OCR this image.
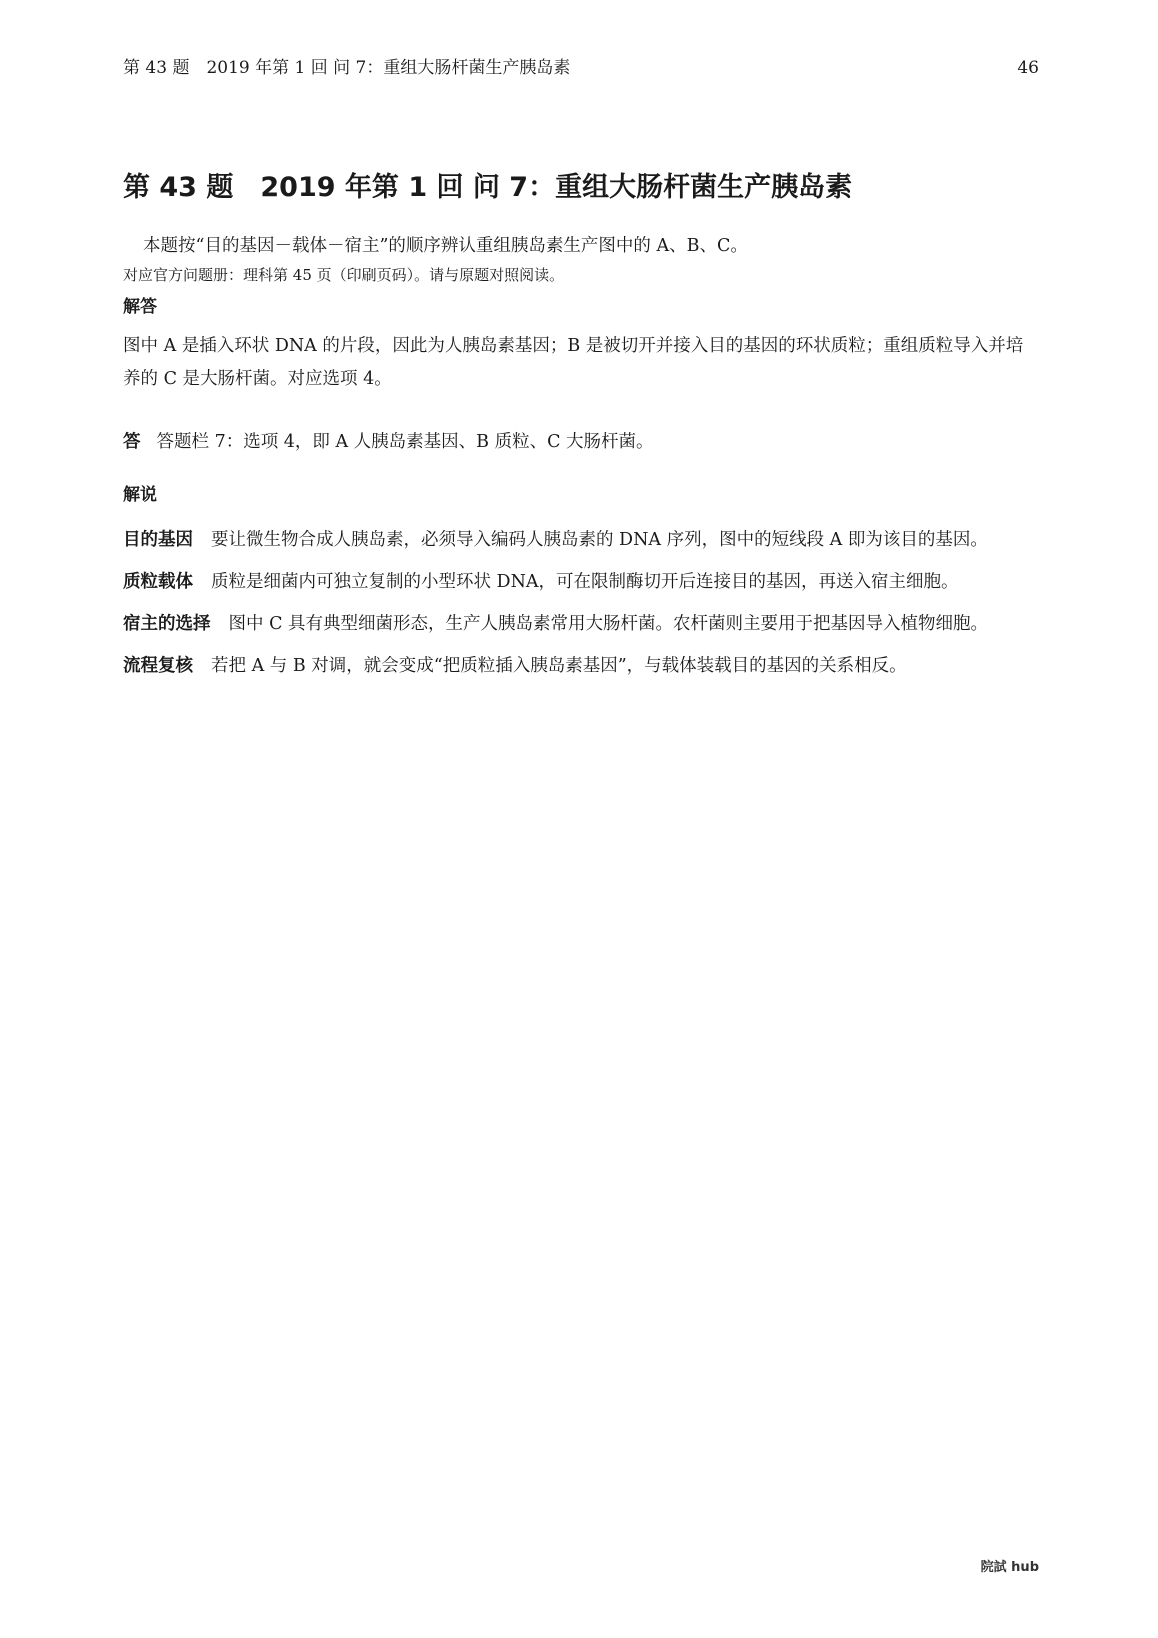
第 43 题　2019 年第 1 回 问 7：重组大肠杆菌生产胰岛素	46
第 43 题　2019 年第 1 回 问 7：重组大肠杆菌生产胰岛素
本题按“目的基因－载体－宿主”的顺序辨认重组胰岛素生产图中的 A、B、C。
对应官方问题册：理科第 45 页（印刷页码）。请与原题对照阅读。
解答
图中 A 是插入环状 DNA 的片段，因此为人胰岛素基因；B 是被切开并接入目的基因的环状质粒；重组质粒导入并培养的 C 是大肠杆菌。对应选项 4。
答 答题栏 7：选项 4，即 A 人胰岛素基因、B 质粒、C 大肠杆菌。
解说
目的基因 要让微生物合成人胰岛素，必须导入编码人胰岛素的 DNA 序列，图中的短线段 A 即为该目的基因。
质粒载体 质粒是细菌内可独立复制的小型环状 DNA，可在限制酶切开后连接目的基因，再送入宿主细胞。
宿主的选择 图中 C 具有典型细菌形态，生产人胰岛素常用大肠杆菌。农杆菌则主要用于把基因导入植物细胞。
流程复核 若把 A 与 B 对调，就会变成“把质粒插入胰岛素基因”，与载体装载目的基因的关系相反。
院試 hub
